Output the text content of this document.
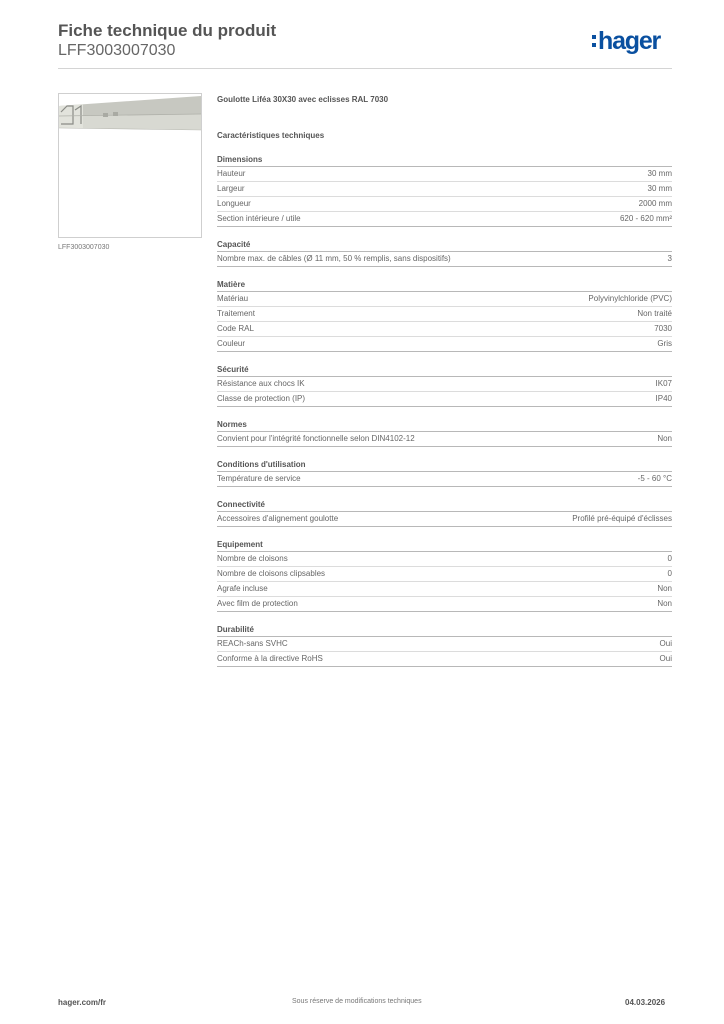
Fiche technique du produit
LFF3003007030	hager
LFF3003007030
Goulotte Liféa 30X30 avec eclisses RAL 7030
Caractéristiques techniques
Dimensions
Hauteur	30 mm
Largeur	30 mm
Longueur	2000 mm
Section intérieure / utile	620 - 620 mm²
Capacité
Nombre max. de câbles (Ø 11 mm, 50 % remplis, sans dispositifs)	3
Matière
Matériau	Polyvinylchloride (PVC)
Traitement	Non traité
Code RAL	7030
Couleur	Gris
Sécurité
Résistance aux chocs IK	IK07
Classe de protection (IP)	IP40
Normes
Convient pour l'intégrité fonctionnelle selon DIN4102-12	Non
Conditions d'utilisation
Température de service	-5 - 60 °C
Connectivité
Accessoires d'alignement goulotte	Profilé pré-équipé d'éclisses
Equipement
Nombre de cloisons	0
Nombre de cloisons clipsables	0
Agrafe incluse	Non
Avec film de protection	Non
Durabilité
REACh-sans SVHC	Oui
Conforme à la directive RoHS	Oui
hager.com/fr	Sous réserve de modifications techniques	04.03.2026
